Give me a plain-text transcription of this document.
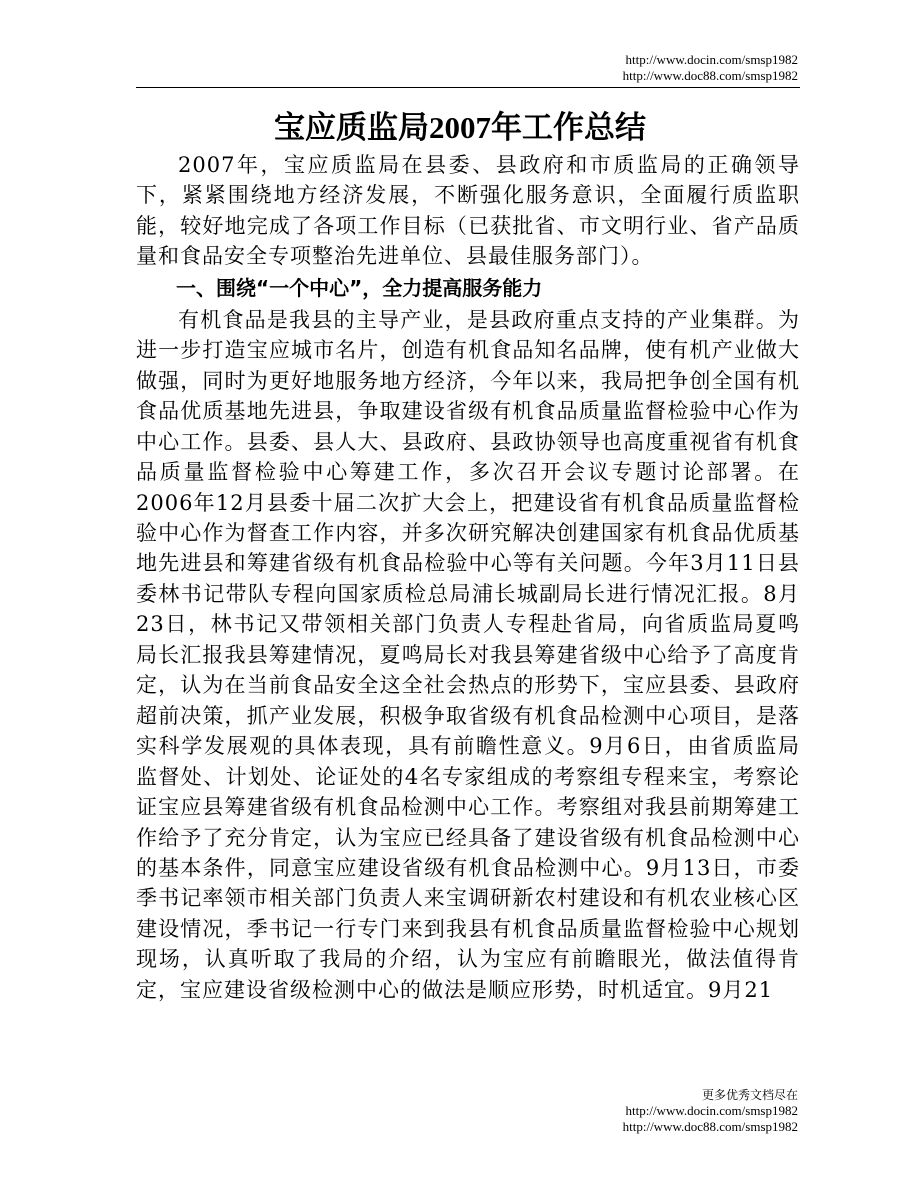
http://www.docin.com/smsp1982
http://www.doc88.com/smsp1982
宝应质监局2007年工作总结

2007年，宝应质监局在县委、县政府和市质监局的正确领导下，紧紧围绕地方经济发展，不断强化服务意识，全面履行质监职能，较好地完成了各项工作目标（已获批省、市文明行业、省产品质量和食品安全专项整治先进单位、县最佳服务部门）。

一、围绕“一个中心”，全力提高服务能力

有机食品是我县的主导产业，是县政府重点支持的产业集群。为进一步打造宝应城市名片，创造有机食品知名品牌，使有机产业做大做强，同时为更好地服务地方经济，今年以来，我局把争创全国有机食品优质基地先进县，争取建设省级有机食品质量监督检验中心作为中心工作。县委、县人大、县政府、县政协领导也高度重视省有机食品质量监督检验中心筹建工作，多次召开会议专题讨论部署。在2006年12月县委十届二次扩大会上，把建设省有机食品质量监督检验中心作为督查工作内容，并多次研究解决创建国家有机食品优质基地先进县和筹建省级有机食品检验中心等有关问题。今年3月11日县委林书记带队专程向国家质检总局浦长城副局长进行情况汇报。8月23日，林书记又带领相关部门负责人专程赴省局，向省质监局夏鸣局长汇报我县筹建情况，夏鸣局长对我县筹建省级中心给予了高度肯定，认为在当前食品安全这全社会热点的形势下，宝应县委、县政府超前决策，抓产业发展，积极争取省级有机食品检测中心项目，是落实科学发展观的具体表现，具有前瞻性意义。9月6日，由省质监局监督处、计划处、论证处的4名专家组成的考察组专程来宝，考察论证宝应县筹建省级有机食品检测中心工作。考察组对我县前期筹建工作给予了充分肯定，认为宝应已经具备了建设省级有机食品检测中心的基本条件，同意宝应建设省级有机食品检测中心。9月13日，市委季书记率领市相关部门负责人来宝调研新农村建设和有机农业核心区建设情况，季书记一行专门来到我县有机食品质量监督检验中心规划现场，认真听取了我局的介绍，认为宝应有前瞻眼光，做法值得肯定，宝应建设省级检测中心的做法是顺应形势，时机适宜。9月21

更多优秀文档尽在
http://www.docin.com/smsp1982
http://www.doc88.com/smsp1982
